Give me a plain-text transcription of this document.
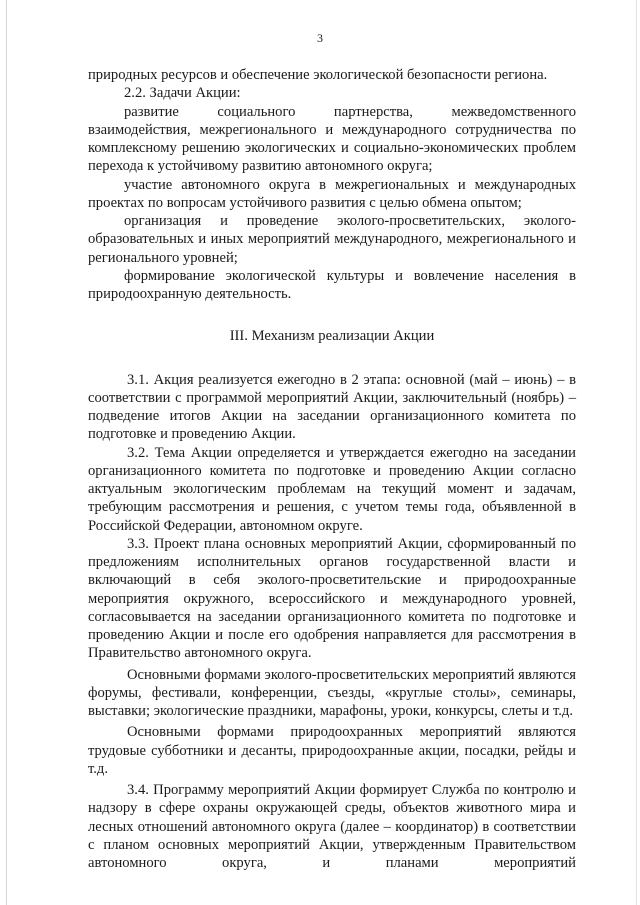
3

природных ресурсов и обеспечение экологической безопасности региона.

2.2. Задачи Акции:

развитие социального партнерства, межведомственного взаимодействия, межрегионального и международного сотрудничества по комплексному решению экологических и социально-экономических проблем перехода к устойчивому развитию автономного округа;

участие автономного округа в межрегиональных и международных проектах по вопросам устойчивого развития с целью обмена опытом;

организация и проведение эколого-просветительских, эколого-образовательных и иных мероприятий международного, межрегионального и регионального уровней;

формирование экологической культуры и вовлечение населения в природоохранную деятельность.

III. Механизм реализации Акции

3.1. Акция реализуется ежегодно в 2 этапа: основной (май – июнь) – в соответствии с программой мероприятий Акции, заключительный (ноябрь) – подведение итогов Акции на заседании организационного комитета по подготовке и проведению Акции.

3.2. Тема Акции определяется и утверждается ежегодно на заседании организационного комитета по подготовке и проведению Акции согласно актуальным экологическим проблемам на текущий момент и задачам, требующим рассмотрения и решения, с учетом темы года, объявленной в Российской Федерации, автономном округе.

3.3. Проект плана основных мероприятий Акции, сформированный по предложениям исполнительных органов государственной власти и включающий в себя эколого-просветительские и природоохранные мероприятия окружного, всероссийского и международного уровней, согласовывается на заседании организационного комитета по подготовке и проведению Акции и после его одобрения направляется для рассмотрения в Правительство автономного округа.

Основными формами эколого-просветительских мероприятий являются форумы, фестивали, конференции, съезды, «круглые столы», семинары, выставки; экологические праздники, марафоны, уроки, конкурсы, слеты и т.д.

Основными формами природоохранных мероприятий являются трудовые субботники и десанты, природоохранные акции, посадки, рейды и т.д.

3.4. Программу мероприятий Акции формирует Служба по контролю и надзору в сфере охраны окружающей среды, объектов животного мира и лесных отношений автономного округа (далее – координатор) в соответствии с планом основных мероприятий Акции, утвержденным Правительством автономного округа, и планами мероприятий
